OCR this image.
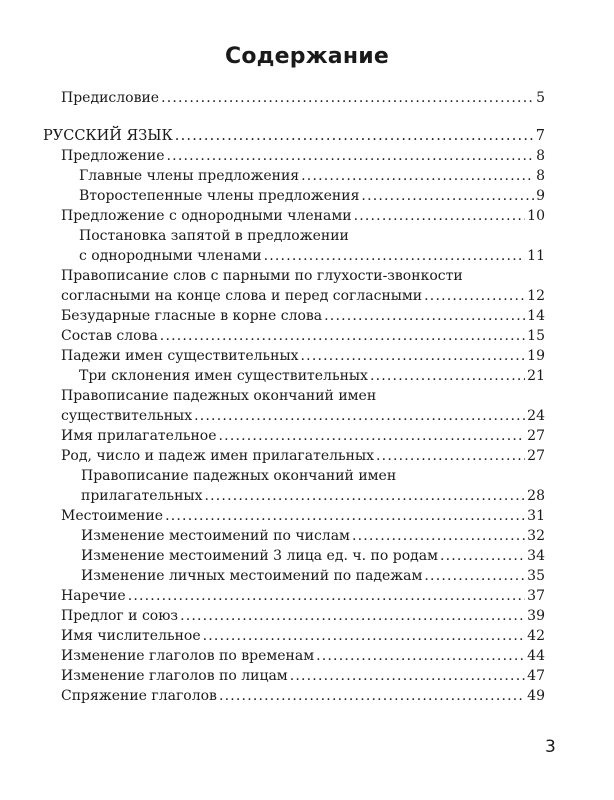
Содержание
Предисловие .....	5
РУССКИЙ ЯЗЫК .....	7
Предложение .....	8
Главные члены предложения .....	8
Второстепенные члены предложения .....	9
Предложение с однородными членами .....	10
Постановка запятой в предложении
с однородными членами .....	11
Правописание слов с парными по глухости-звонкости
согласными на конце слова и перед согласными .....	12
Безударные гласные в корне слова .....	14
Состав слова .....	15
Падежи имен существительных .....	19
Три склонения имен существительных .....	21
Правописание падежных окончаний имен
существительных .....	24
Имя прилагательное .....	27
Род, число и падеж имен прилагательных .....	27
Правописание падежных окончаний имен
прилагательных .....	28
Местоимение .....	31
Изменение местоимений по числам .....	32
Изменение местоимений 3 лица ед. ч. по родам .....	34
Изменение личных местоимений по падежам .....	35
Наречие .....	37
Предлог и союз .....	39
Имя числительное .....	42
Изменение глаголов по временам .....	44
Изменение глаголов по лицам .....	47
Спряжение глаголов .....	49
3
